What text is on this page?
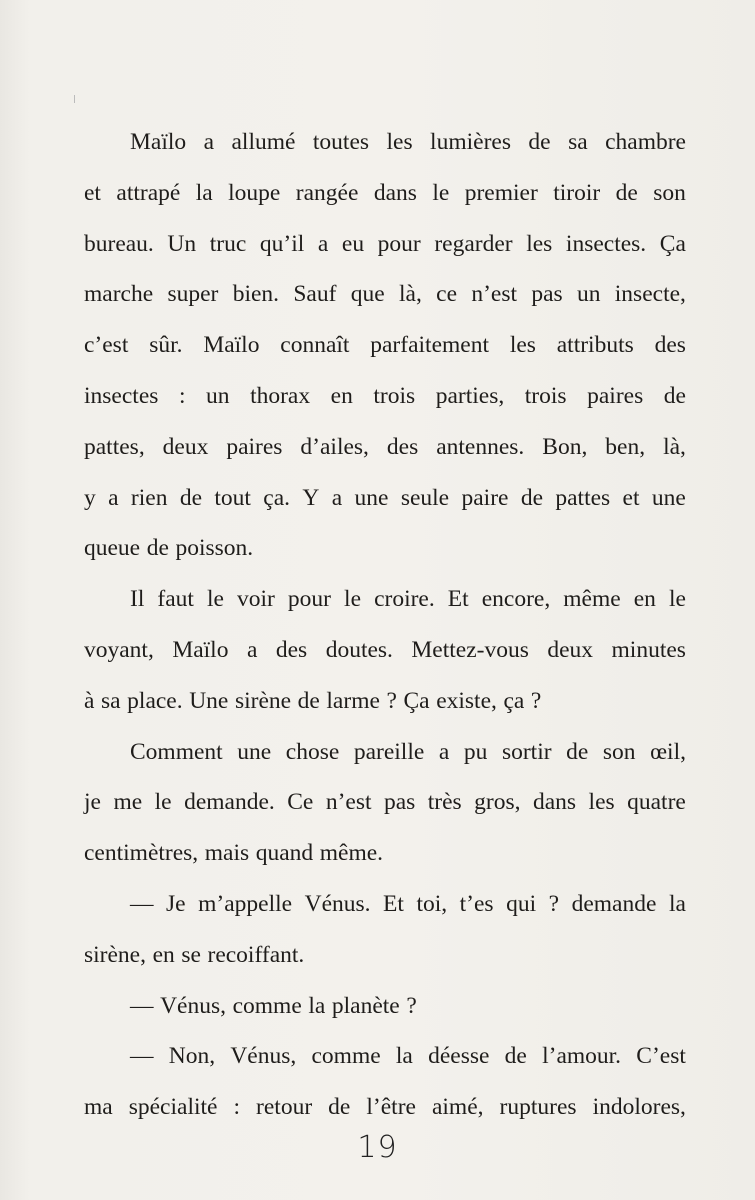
Maïlo a allumé toutes les lumières de sa chambre
et attrapé la loupe rangée dans le premier tiroir de son
bureau. Un truc qu’il a eu pour regarder les insectes. Ça
marche super bien. Sauf que là, ce n’est pas un insecte,
c’est sûr. Maïlo connaît parfaitement les attributs des
insectes : un thorax en trois parties, trois paires de
pattes, deux paires d’ailes, des antennes. Bon, ben, là,
y a rien de tout ça. Y a une seule paire de pattes et une
queue de poisson.
Il faut le voir pour le croire. Et encore, même en le
voyant, Maïlo a des doutes. Mettez-vous deux minutes
à sa place. Une sirène de larme ? Ça existe, ça ?
Comment une chose pareille a pu sortir de son œil,
je me le demande. Ce n’est pas très gros, dans les quatre
centimètres, mais quand même.
— Je m’appelle Vénus. Et toi, t’es qui ? demande la
sirène, en se recoiffant.
— Vénus, comme la planète ?
— Non, Vénus, comme la déesse de l’amour. C’est
ma spécialité : retour de l’être aimé, ruptures indolores,
19
